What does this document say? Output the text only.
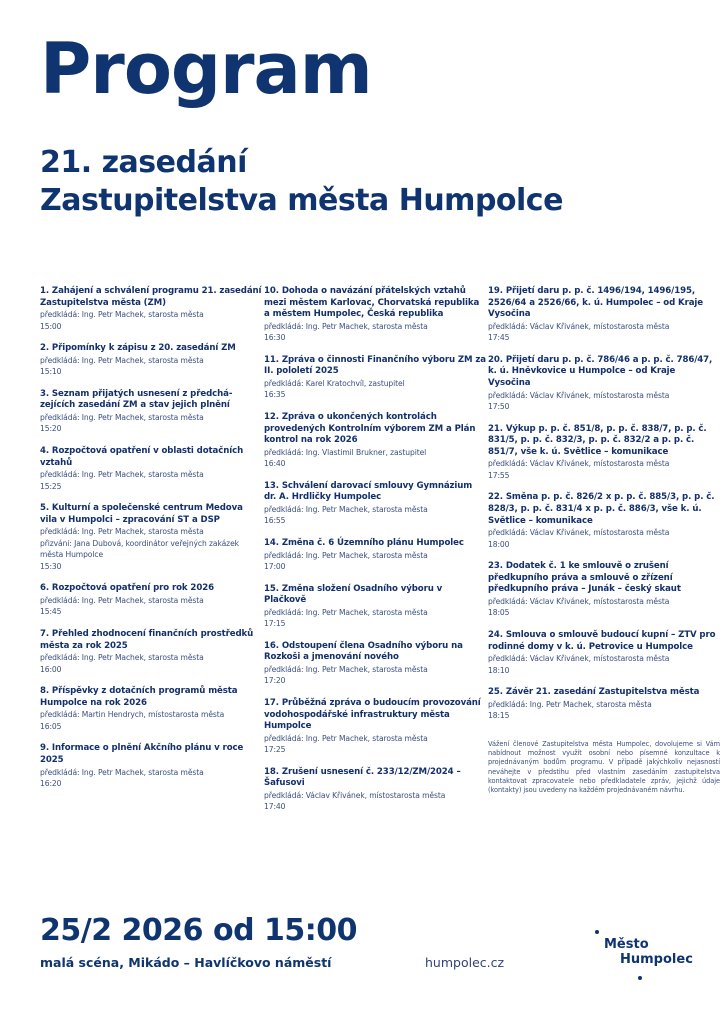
Program
21. zasedání
Zastupitelstva města Humpolce
1. Zahájení a schválení programu 21. zasedání Zastupitelstva města (ZM)
předkládá: Ing. Petr Machek, starosta města
15:00
2. Připomínky k zápisu z 20. zasedání ZM
předkládá: Ing. Petr Machek, starosta města
15:10
3. Seznam přijatých usnesení z předchá-zejících zasedání ZM a stav jejich plnění
předkládá: Ing. Petr Machek, starosta města
15:20
4. Rozpočtová opatření v oblasti dotačních vztahů
předkládá: Ing. Petr Machek, starosta města
15:25
5. Kulturní a společenské centrum Medova vila v Humpolci – zpracování ST a DSP
předkládá: Ing. Petr Machek, starosta města
přizváni: Jana Dubová, koordinátor veřejných zakázek města Humpolce
15:30
6. Rozpočtová opatření pro rok 2026
předkládá: Ing. Petr Machek, starosta města
15:45
7. Přehled zhodnocení finančních prostředků města za rok 2025
předkládá: Ing. Petr Machek, starosta města
16:00
8. Příspěvky z dotačních programů města Humpolce na rok 2026
předkládá: Martin Hendrych, místostarosta města
16:05
9. Informace o plnění Akčního plánu v roce 2025
předkládá: Ing. Petr Machek, starosta města
16:20
10. Dohoda o navázání přátelských vztahů mezi městem Karlovac, Chorvatská republika a městem Humpolec, Česká republika
předkládá: Ing. Petr Machek, starosta města
16:30
11. Zpráva o činnosti Finančního výboru ZM za II. pololetí 2025
předkládá: Karel Kratochvíl, zastupitel
16:35
12. Zpráva o ukončených kontrolách provedených Kontrolním výborem ZM a Plán kontrol na rok 2026
předkládá: Ing. Vlastimil Brukner, zastupitel
16:40
13. Schválení darovací smlouvy Gymnázium dr. A. Hrdličky Humpolec
předkládá: Ing. Petr Machek, starosta města
16:55
14. Změna č. 6 Územního plánu Humpolec
předkládá: Ing. Petr Machek, starosta města
17:00
15. Změna složení Osadního výboru v Plačkově
předkládá: Ing. Petr Machek, starosta města
17:15
16. Odstoupení člena Osadního výboru na Rozkoši a jmenování nového
předkládá: Ing. Petr Machek, starosta města
17:20
17. Průběžná zpráva o budoucím provozování vodohospodářské infrastruktury města Humpolce
předkládá: Ing. Petr Machek, starosta města
17:25
18. Zrušení usnesení č. 233/12/ZM/2024 – Šafusovi
předkládá: Václav Křivánek, místostarosta města
17:40
19. Přijetí daru p. p. č. 1496/194, 1496/195, 2526/64 a 2526/66, k. ú. Humpolec – od Kraje Vysočina
předkládá: Václav Křivánek, místostarosta města
17:45
20. Přijetí daru p. p. č. 786/46 a p. p. č. 786/47, k. ú. Hněvkovice u Humpolce – od Kraje Vysočina
předkládá: Václav Křivánek, místostarosta města
17:50
21. Výkup p. p. č. 851/8, p. p. č. 838/7, p. p. č. 831/5, p. p. č. 832/3, p. p. č. 832/2 a p. p. č. 851/7, vše k. ú. Světlice – komunikace
předkládá: Václav Křivánek, místostarosta města
17:55
22. Směna p. p. č. 826/2 x p. p. č. 885/3, p. p. č. 828/3, p. p. č. 831/4 x p. p. č. 886/3, vše k. ú. Světlice – komunikace
předkládá: Václav Křivánek, místostarosta města
18:00
23. Dodatek č. 1 ke smlouvě o zrušení předkupního práva a smlouvě o zřízení předkupního práva – Junák – český skaut
předkládá: Václav Křivánek, místostarosta města
18:05
24. Smlouva o smlouvě budoucí kupní – ZTV pro rodinné domy v k. ú. Petrovice u Humpolce
předkládá: Václav Křivánek, místostarosta města
18:10
25. Závěr 21. zasedání Zastupitelstva města
předkládá: Ing. Petr Machek, starosta města
18:15
Vážení členové Zastupitelstva města Humpolec, dovolujeme si Vám nabídnout možnost využít osobní nebo písemné konzultace k projednávaným bodům programu. V případě jakýchkoliv nejasností neváhejte v předstihu před vlastním zasedáním zastupitelstva kontaktovat zpracovatele nebo předkladatele zpráv, jejichž údaje (kontakty) jsou uvedeny na každém projednávaném návrhu.
25/2 2026 od 15:00
malá scéna, Mikádo – Havlíčkovo náměstí	humpolec.cz
Město
Humpolec
